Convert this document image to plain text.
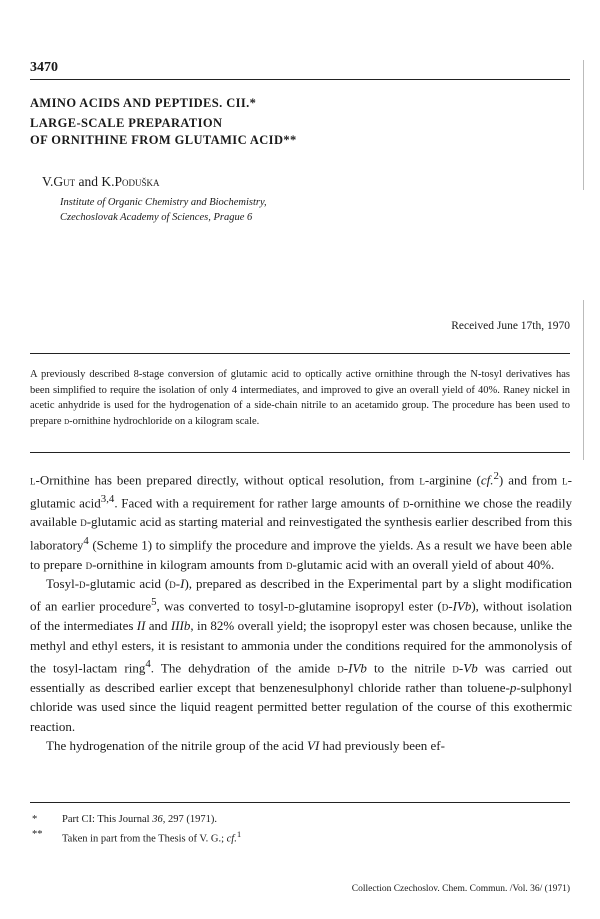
3470
AMINO ACIDS AND PEPTIDES. CII.*
LARGE-SCALE PREPARATION
OF ORNITHINE FROM GLUTAMIC ACID**
V.Gut and K.Poduška
Institute of Organic Chemistry and Biochemistry,
Czechoslovak Academy of Sciences, Prague 6
Received June 17th, 1970
A previously described 8-stage conversion of glutamic acid to optically active ornithine through the N-tosyl derivatives has been simplified to require the isolation of only 4 intermediates, and improved to give an overall yield of 40%. Raney nickel in acetic anhydride is used for the hydrogenation of a side-chain nitrile to an acetamido group. The procedure has been used to prepare d-ornithine hydrochloride on a kilogram scale.

l-Ornithine has been prepared directly, without optical resolution, from l-arginine (cf.$^2$) and from l-glutamic acid$^{3,4}$. Faced with a requirement for rather large amounts of d-ornithine we chose the readily available d-glutamic acid as starting material and reinvestigated the synthesis earlier described from this laboratory$^4$ (Scheme 1) to simplify the procedure and improve the yields. As a result we have been able to prepare d-ornithine in kilogram amounts from d-glutamic acid with an overall yield of about 40%.

Tosyl-d-glutamic acid (d-I), prepared as described in the Experimental part by a slight modification of an earlier procedure$^5$, was converted to tosyl-d-glutamine isopropyl ester (d-IVb), without isolation of the intermediates II and IIIb, in 82% overall yield; the isopropyl ester was chosen because, unlike the methyl and ethyl esters, it is resistant to ammonia under the conditions required for the ammonolysis of the tosyl-lactam ring$^4$. The dehydration of the amide d-IVb to the nitrile d-Vb was carried out essentially as described earlier except that benzenesulphonyl chloride rather than toluene-p-sulphonyl chloride was used since the liquid reagent permitted better regulation of the course of this exothermic reaction.

The hydrogenation of the nitrile group of the acid VI had previously been ef-

*	Part CI: This Journal 36, 297 (1971).
**	Taken in part from the Thesis of V. G.; cf.$^1$
Collection Czechoslov. Chem. Commun. /Vol. 36/ (1971)
